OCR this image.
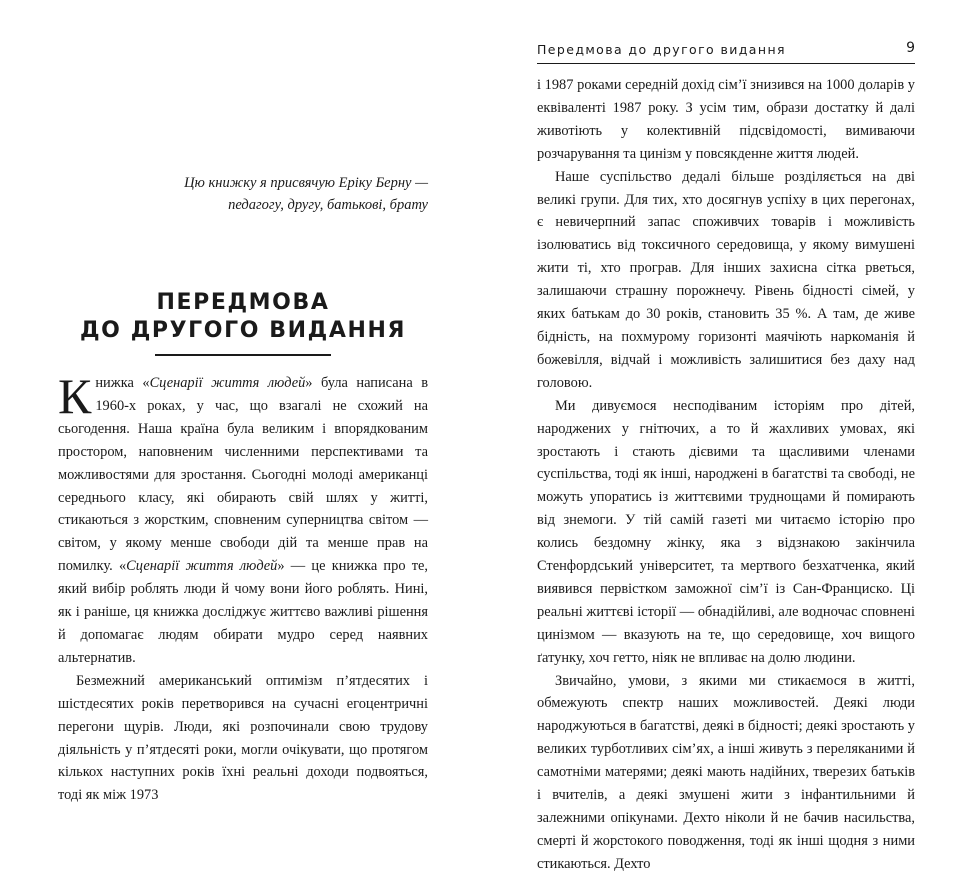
Цю книжку я присвячую Еріку Берну —

педагогу, другу, батькові, брату

ПЕРЕДМОВА
ДО ДРУГОГО ВИДАННЯ

Книжка «Сценарії життя людей» була написана в 1960-х роках, у час, що взагалі не схожий на сьогодення. Наша країна була великим і впорядкованим простором, наповненим численними перспективами та можливостями для зростання. Сьогодні молоді американці середнього класу, які обирають свій шлях у житті, стикаються з жорстким, сповненим суперництва світом — світом, у якому менше свободи дій та менше прав на помилку. «Сценарії життя людей» — це книжка про те, який вибір роблять люди й чому вони його роблять. Нині, як і раніше, ця книжка досліджує життєво важливі рішення й допомагає людям обирати мудро серед наявних альтернатив.

Безмежний американський оптимізм п’ятдесятих і шістдесятих років перетворився на сучасні егоцентричні перегони щурів. Люди, які розпочинали свою трудову діяльність у п’ятдесяті роки, могли очікувати, що протягом кількох наступних років їхні реальні доходи подвояться, тоді як між 1973

Передмова до другого видання	9

і 1987 роками середній дохід сім’ї знизився на 1000 доларів у еквіваленті 1987 року. З усім тим, образи достатку й далі животіють у колективній підсвідомості, вимиваючи розчарування та цинізм у повсякденне життя людей.

Наше суспільство дедалі більше розділяється на дві великі групи. Для тих, хто досягнув успіху в цих перегонах, є невичерпний запас споживчих товарів і можливість ізолюватись від токсичного середовища, у якому вимушені жити ті, хто програв. Для інших захисна сітка рветься, залишаючи страшну порожнечу. Рівень бідності сімей, у яких батькам до 30 років, становить 35 %. А там, де живе бідність, на похмурому горизонті маячіють наркоманія й божевілля, відчай і можливість залишитися без даху над головою.

Ми дивуємося несподіваним історіям про дітей, народжених у гнітючих, а то й жахливих умовах, які зростають і стають дієвими та щасливими членами суспільства, тоді як інші, народжені в багатстві та свободі, не можуть упоратись із життєвими труднощами й помирають від знемоги. У тій самій газеті ми читаємо історію про колись бездомну жінку, яка з відзнакою закінчила Стенфордський університет, та мертвого безхатченка, який виявився первістком заможної сім’ї із Сан-Франциско. Ці реальні життєві історії — обнадійливі, але водночас сповнені цинізмом — вказують на те, що середовище, хоч вищого ґатунку, хоч гетто, ніяк не впливає на долю людини.

Звичайно, умови, з якими ми стикаємося в житті, обмежують спектр наших можливостей. Деякі люди народжуються в багатстві, деякі в бідності; деякі зростають у великих турботливих сім’ях, а інші живуть з переляканими й самотніми матерями; деякі мають надійних, тверезих батьків і вчителів, а деякі змушені жити з інфантильними й залежними опікунами. Дехто ніколи й не бачив насильства, смерті й жорстокого поводження, тоді як інші щодня з ними стикаються. Дехто
